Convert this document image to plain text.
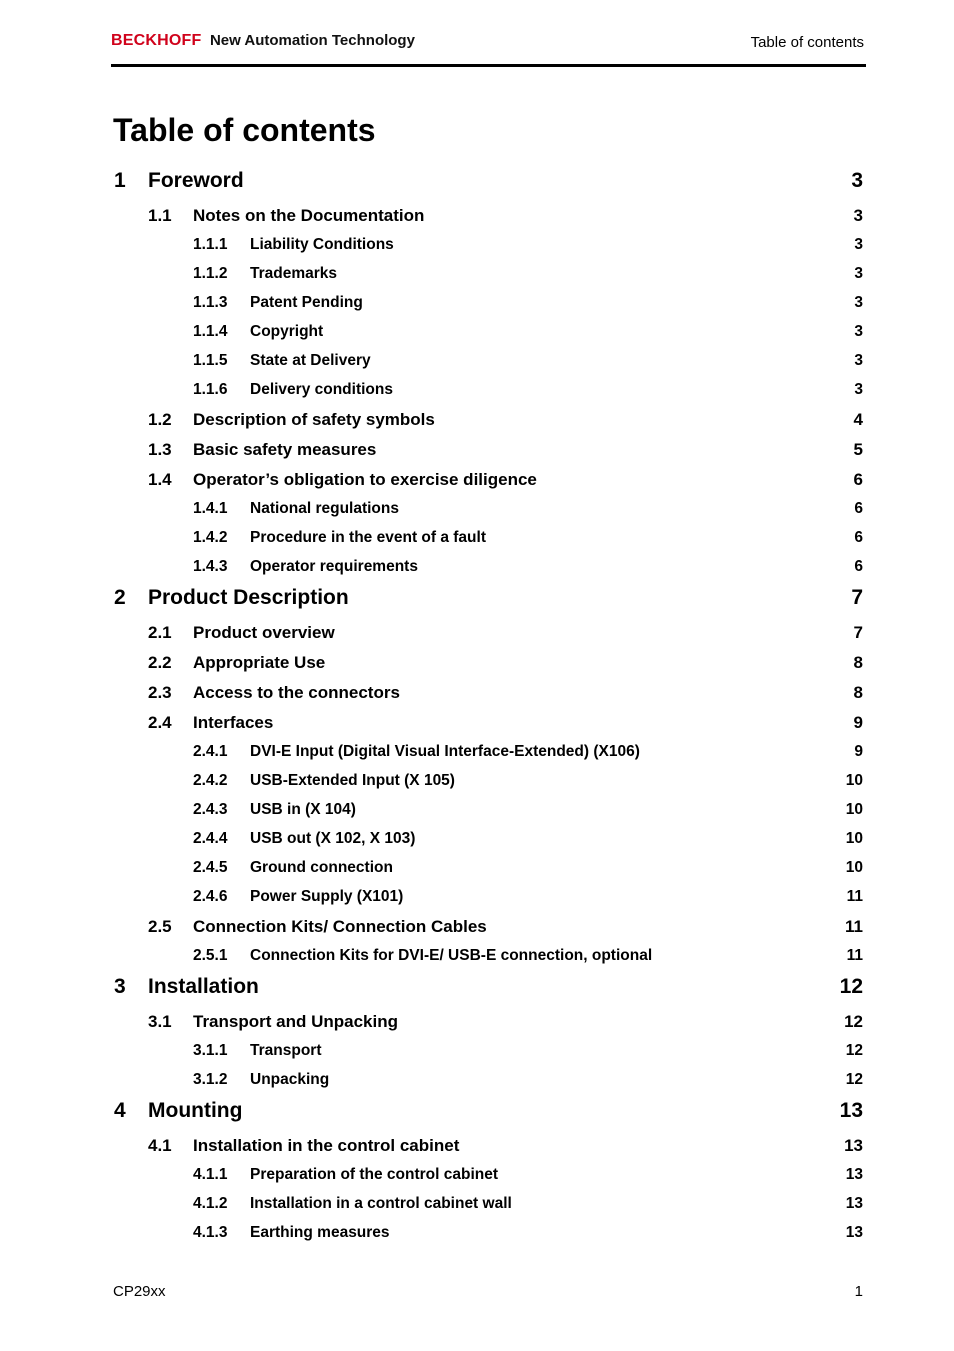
BECKHOFF New Automation Technology	Table of contents
Table of contents
1 Foreword	3
1.1 Notes on the Documentation	3
1.1.1 Liability Conditions	3
1.1.2 Trademarks	3
1.1.3 Patent Pending	3
1.1.4 Copyright	3
1.1.5 State at Delivery	3
1.1.6 Delivery conditions	3
1.2 Description of safety symbols	4
1.3 Basic safety measures	5
1.4 Operator’s obligation to exercise diligence	6
1.4.1 National regulations	6
1.4.2 Procedure in the event of a fault	6
1.4.3 Operator requirements	6
2 Product Description	7
2.1 Product overview	7
2.2 Appropriate Use	8
2.3 Access to the connectors	8
2.4 Interfaces	9
2.4.1 DVI-E Input (Digital Visual Interface-Extended) (X106)	9
2.4.2 USB-Extended Input (X 105)	10
2.4.3 USB in (X 104)	10
2.4.4 USB out (X 102, X 103)	10
2.4.5 Ground connection	10
2.4.6 Power Supply (X101)	11
2.5 Connection Kits/ Connection Cables	11
2.5.1 Connection Kits for DVI-E/ USB-E connection, optional	11
3 Installation	12
3.1 Transport and Unpacking	12
3.1.1 Transport	12
3.1.2 Unpacking	12
4 Mounting	13
4.1 Installation in the control cabinet	13
4.1.1 Preparation of the control cabinet	13
4.1.2 Installation in a control cabinet wall	13
4.1.3 Earthing measures	13
CP29xx	1
